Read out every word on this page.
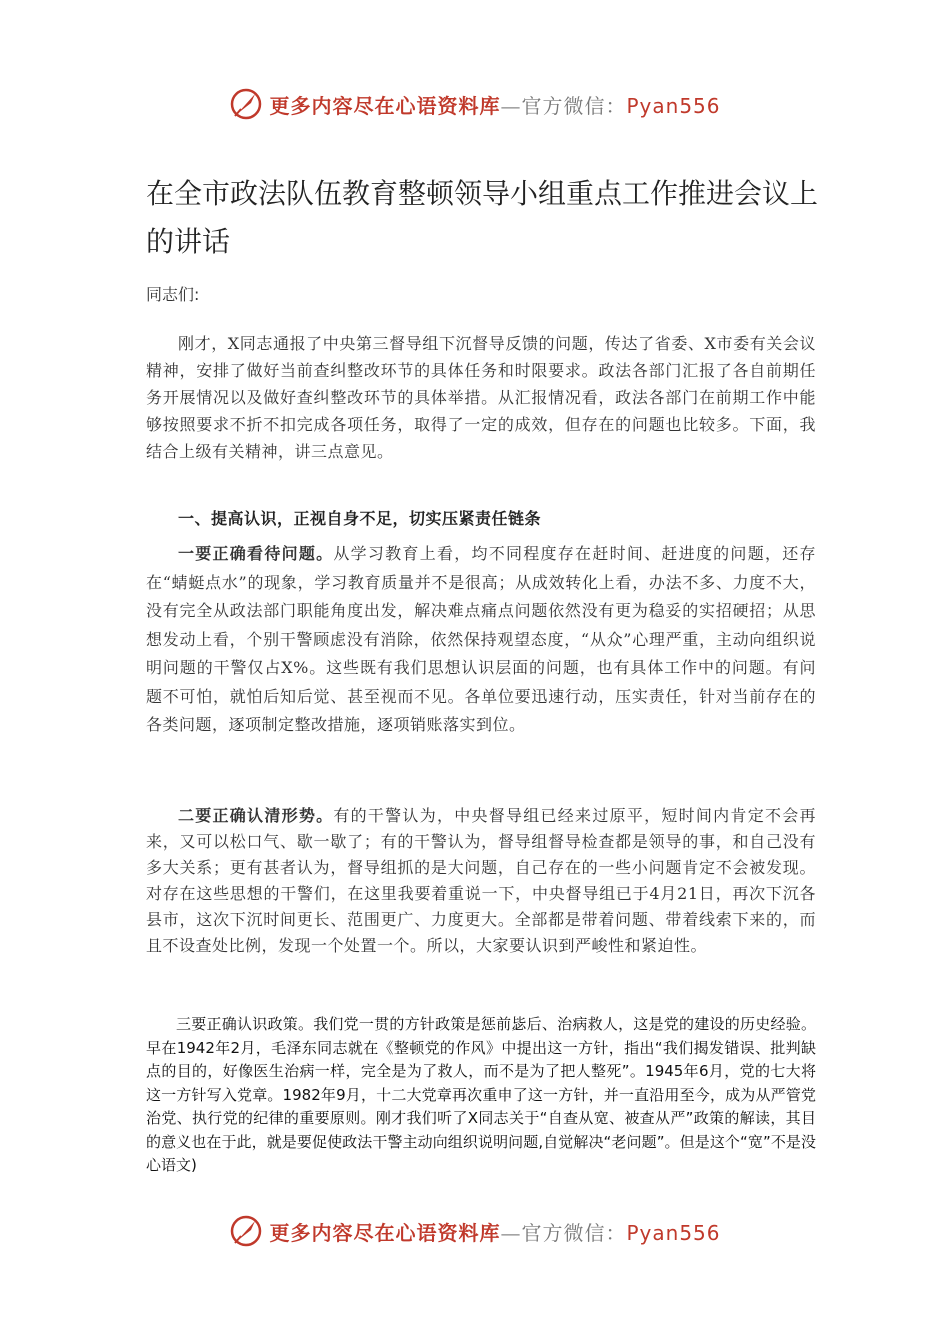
更多内容尽在心语资料库—官方微信：Pyan556
在全市政法队伍教育整顿领导小组重点工作推进会议上的讲话

同志们:

刚才，X同志通报了中央第三督导组下沉督导反馈的问题，传达了省委、X市委有关会议精神，安排了做好当前查纠整改环节的具体任务和时限要求。政法各部门汇报了各自前期任务开展情况以及做好查纠整改环节的具体举措。从汇报情况看，政法各部门在前期工作中能够按照要求不折不扣完成各项任务，取得了一定的成效，但存在的问题也比较多。下面，我结合上级有关精神，讲三点意见。

一、提高认识，正视自身不足，切实压紧责任链条

一要正确看待问题。从学习教育上看，均不同程度存在赶时间、赶进度的问题，还存在“蜻蜓点水”的现象，学习教育质量并不是很高；从成效转化上看，办法不多、力度不大，没有完全从政法部门职能角度出发，解决难点痛点问题依然没有更为稳妥的实招硬招；从思想发动上看，个别干警顾虑没有消除，依然保持观望态度，“从众”心理严重，主动向组织说明问题的干警仅占X%。这些既有我们思想认识层面的问题，也有具体工作中的问题。有问题不可怕，就怕后知后觉、甚至视而不见。各单位要迅速行动，压实责任，针对当前存在的各类问题，逐项制定整改措施，逐项销账落实到位。

二要正确认清形势。有的干警认为，中央督导组已经来过原平，短时间内肯定不会再来，又可以松口气、歇一歇了；有的干警认为，督导组督导检查都是领导的事，和自己没有多大关系；更有甚者认为，督导组抓的是大问题，自己存在的一些小问题肯定不会被发现。对存在这些思想的干警们，在这里我要着重说一下，中央督导组已于4月21日，再次下沉各县市，这次下沉时间更长、范围更广、力度更大。全部都是带着问题、带着线索下来的，而且不设查处比例，发现一个处置一个。所以，大家要认识到严峻性和紧迫性。

三要正确认识政策。我们党一贯的方针政策是惩前毖后、治病救人，这是党的建设的历史经验。早在1942年2月，毛泽东同志就在《整顿党的作风》中提出这一方针，指出“我们揭发错误、批判缺点的目的，好像医生治病一样，完全是为了救人，而不是为了把人整死”。1945年6月，党的七大将这一方针写入党章。1982年9月，十二大党章再次重申了这一方针，并一直沿用至今，成为从严管党治党、执行党的纪律的重要原则。刚才我们听了X同志关于“自查从宽、被查从严”政策的解读，其目的意义也在于此，就是要促使政法干警主动向组织说明问题,自觉解决“老问题”。但是这个“宽”不是没心语文)

更多内容尽在心语资料库—官方微信：Pyan556
